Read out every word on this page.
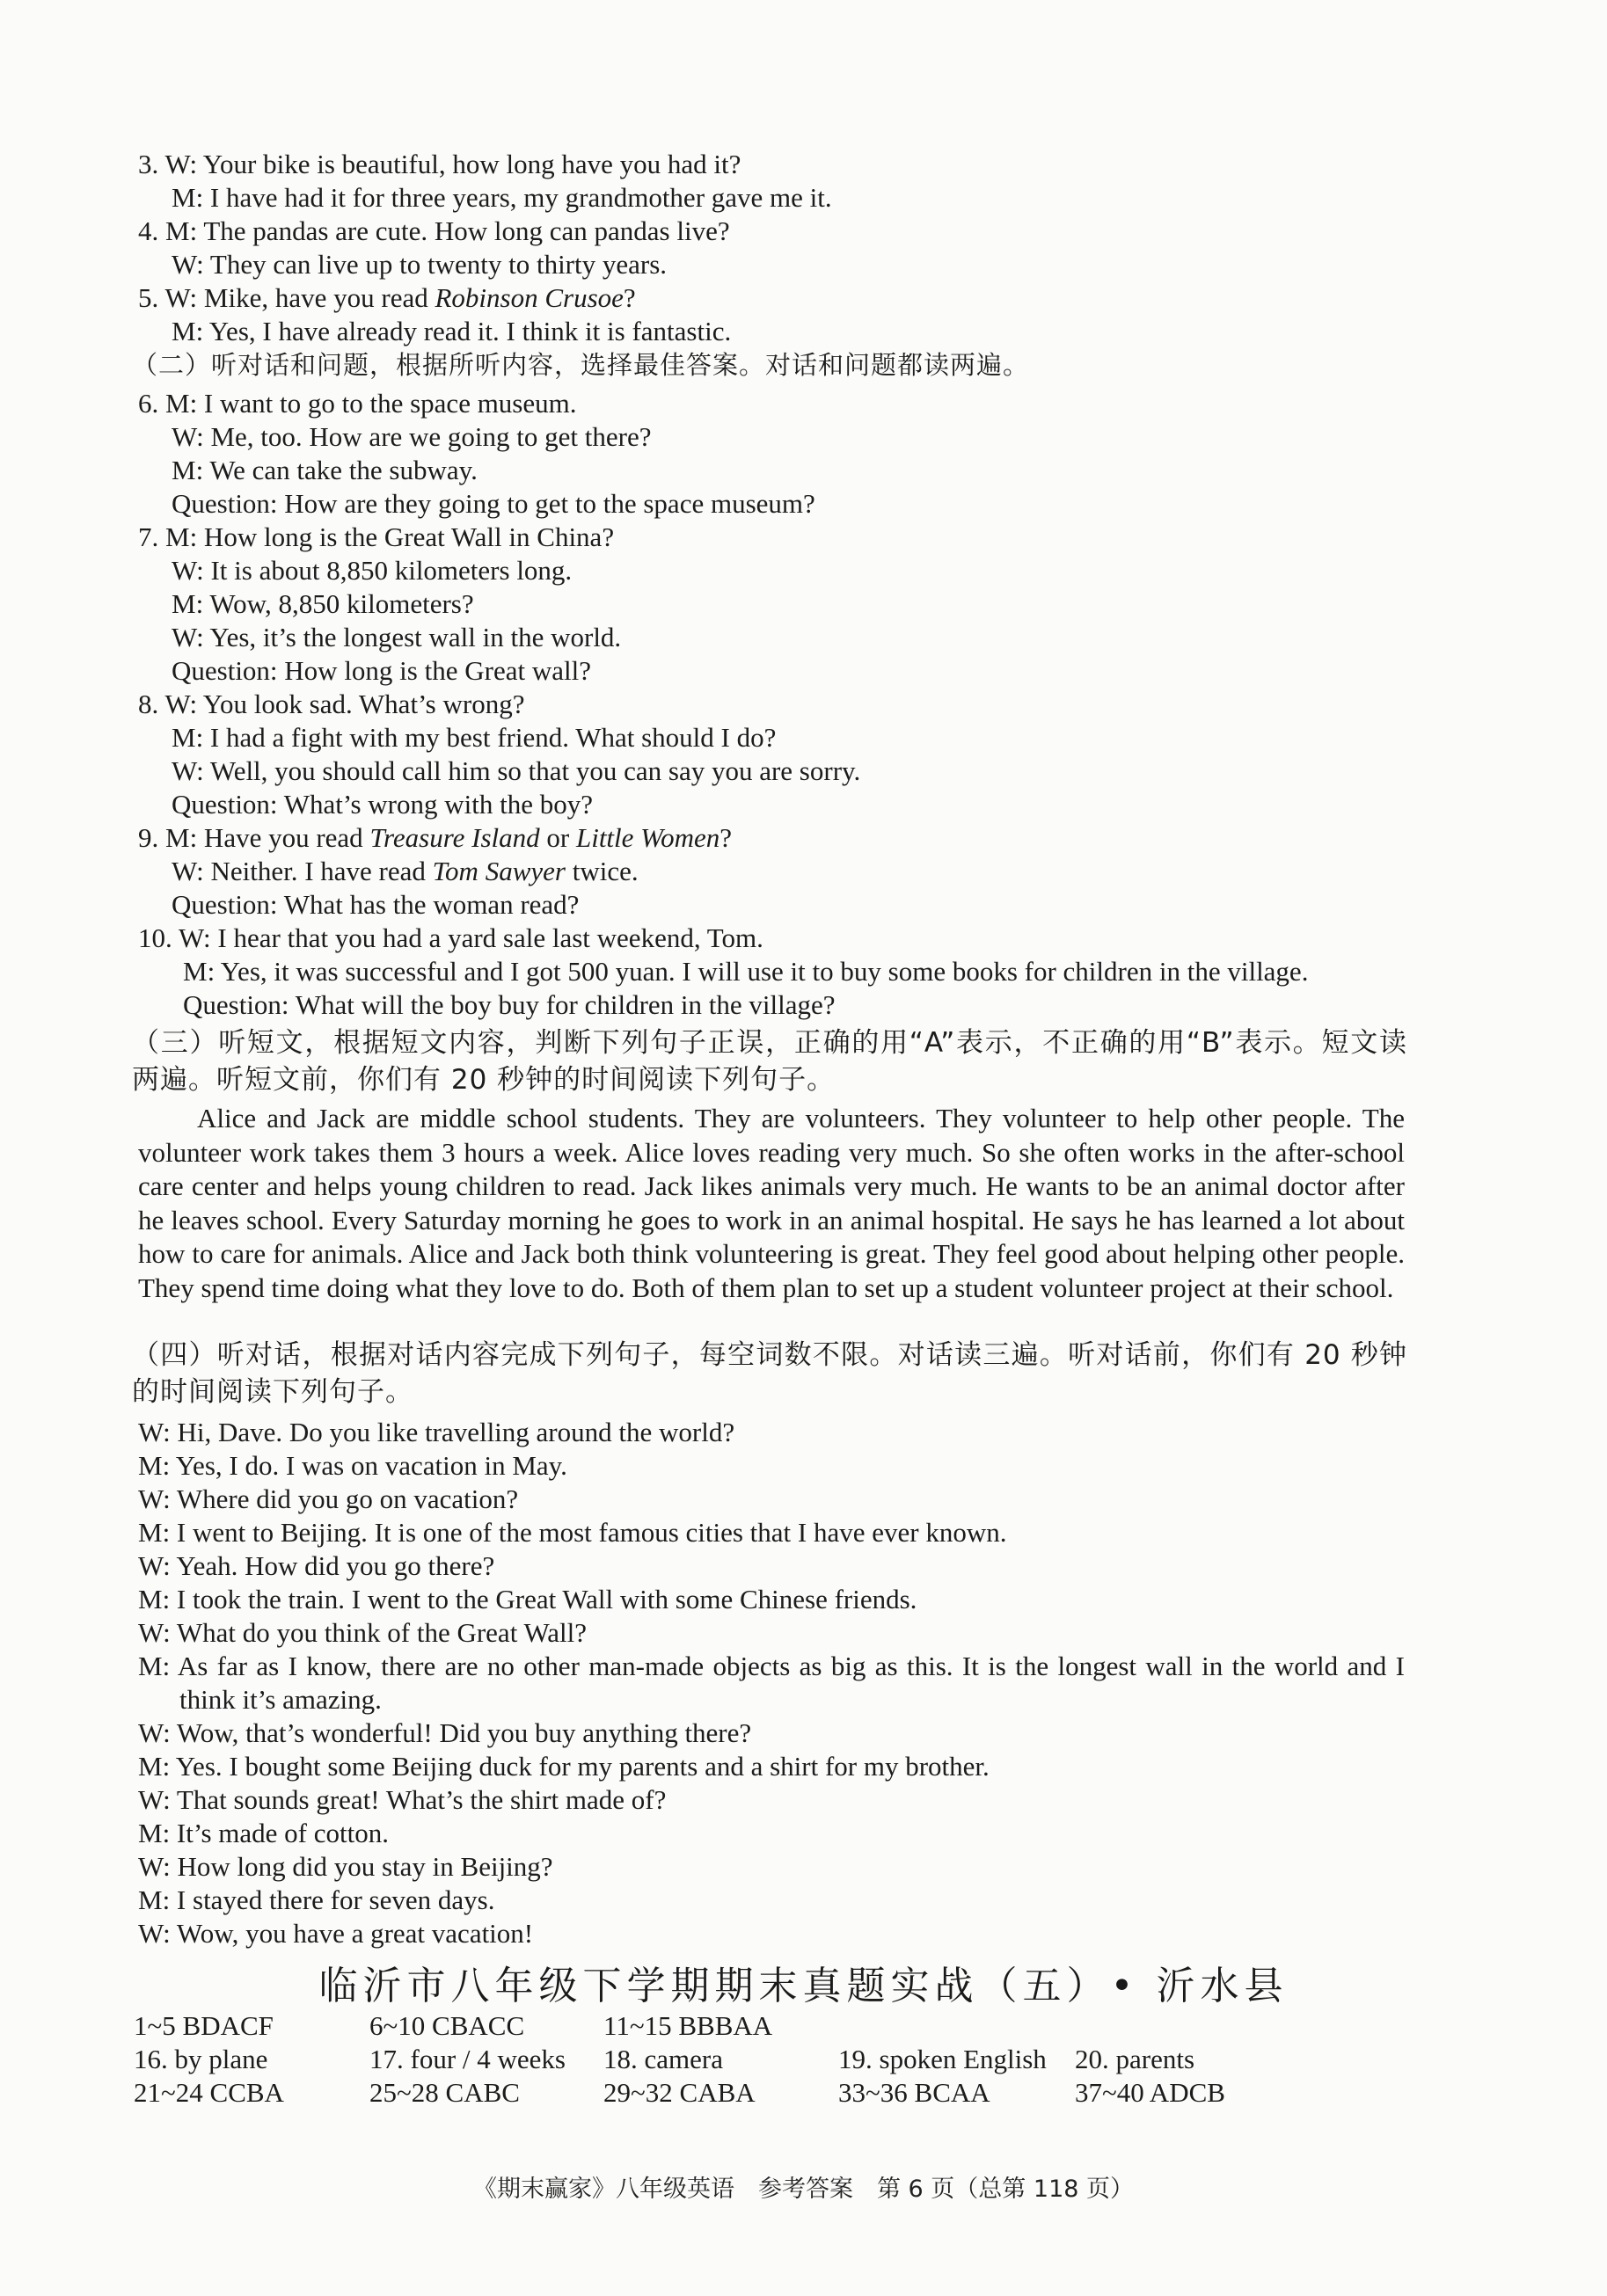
3. W: Your bike is beautiful, how long have you had it?
M: I have had it for three years, my grandmother gave me it.
4. M: The pandas are cute. How long can pandas live?
W: They can live up to twenty to thirty years.
5. W: Mike, have you read Robinson Crusoe?
M: Yes, I have already read it. I think it is fantastic.
（二）听对话和问题，根据所听内容，选择最佳答案。对话和问题都读两遍。
6. M: I want to go to the space museum.
W: Me, too. How are we going to get there?
M: We can take the subway.
Question: How are they going to get to the space museum?
7. M: How long is the Great Wall in China?
W: It is about 8,850 kilometers long.
M: Wow, 8,850 kilometers?
W: Yes, it’s the longest wall in the world.
Question: How long is the Great wall?
8. W: You look sad. What’s wrong?
M: I had a fight with my best friend. What should I do?
W: Well, you should call him so that you can say you are sorry.
Question: What’s wrong with the boy?
9. M: Have you read Treasure Island or Little Women?
W: Neither. I have read Tom Sawyer twice.
Question: What has the woman read?
10. W: I hear that you had a yard sale last weekend, Tom.
M: Yes, it was successful and I got 500 yuan. I will use it to buy some books for children in the village.
Question: What will the boy buy for children in the village?
（三）听短文，根据短文内容，判断下列句子正误，正确的用“A”表示，不正确的用“B”表示。短文读两遍。听短文前，你们有 20 秒钟的时间阅读下列句子。
Alice and Jack are middle school students. They are volunteers. They volunteer to help other people. The volunteer work takes them 3 hours a week. Alice loves reading very much. So she often works in the after-school care center and helps young children to read. Jack likes animals very much. He wants to be an animal doctor after he leaves school. Every Saturday morning he goes to work in an animal hospital. He says he has learned a lot about how to care for animals. Alice and Jack both think volunteering is great. They feel good about helping other people. They spend time doing what they love to do. Both of them plan to set up a student volunteer project at their school.
（四）听对话，根据对话内容完成下列句子，每空词数不限。对话读三遍。听对话前，你们有 20 秒钟的时间阅读下列句子。
W: Hi, Dave. Do you like travelling around the world?
M: Yes, I do. I was on vacation in May.
W: Where did you go on vacation?
M: I went to Beijing. It is one of the most famous cities that I have ever known.
W: Yeah. How did you go there?
M: I took the train. I went to the Great Wall with some Chinese friends.
W: What do you think of the Great Wall?
M: As far as I know, there are no other man-made objects as big as this. It is the longest wall in the world and I think it’s amazing.
W: Wow, that’s wonderful! Did you buy anything there?
M: Yes. I bought some Beijing duck for my parents and a shirt for my brother.
W: That sounds great! What’s the shirt made of?
M: It’s made of cotton.
W: How long did you stay in Beijing?
M: I stayed there for seven days.
W: Wow, you have a great vacation!
临沂市八年级下学期期末真题实战（五）• 沂水县
1~5 BDACF	6~10 CBACC	11~15 BBBAA
16. by plane	17. four / 4 weeks 18. camera	19. spoken English 20. parents
21~24 CCBA	25~28 CABC	29~32 CABA	33~36 BCAA	37~40 ADCB
《期末赢家》八年级英语　参考答案　第 6 页（总第 118 页）
